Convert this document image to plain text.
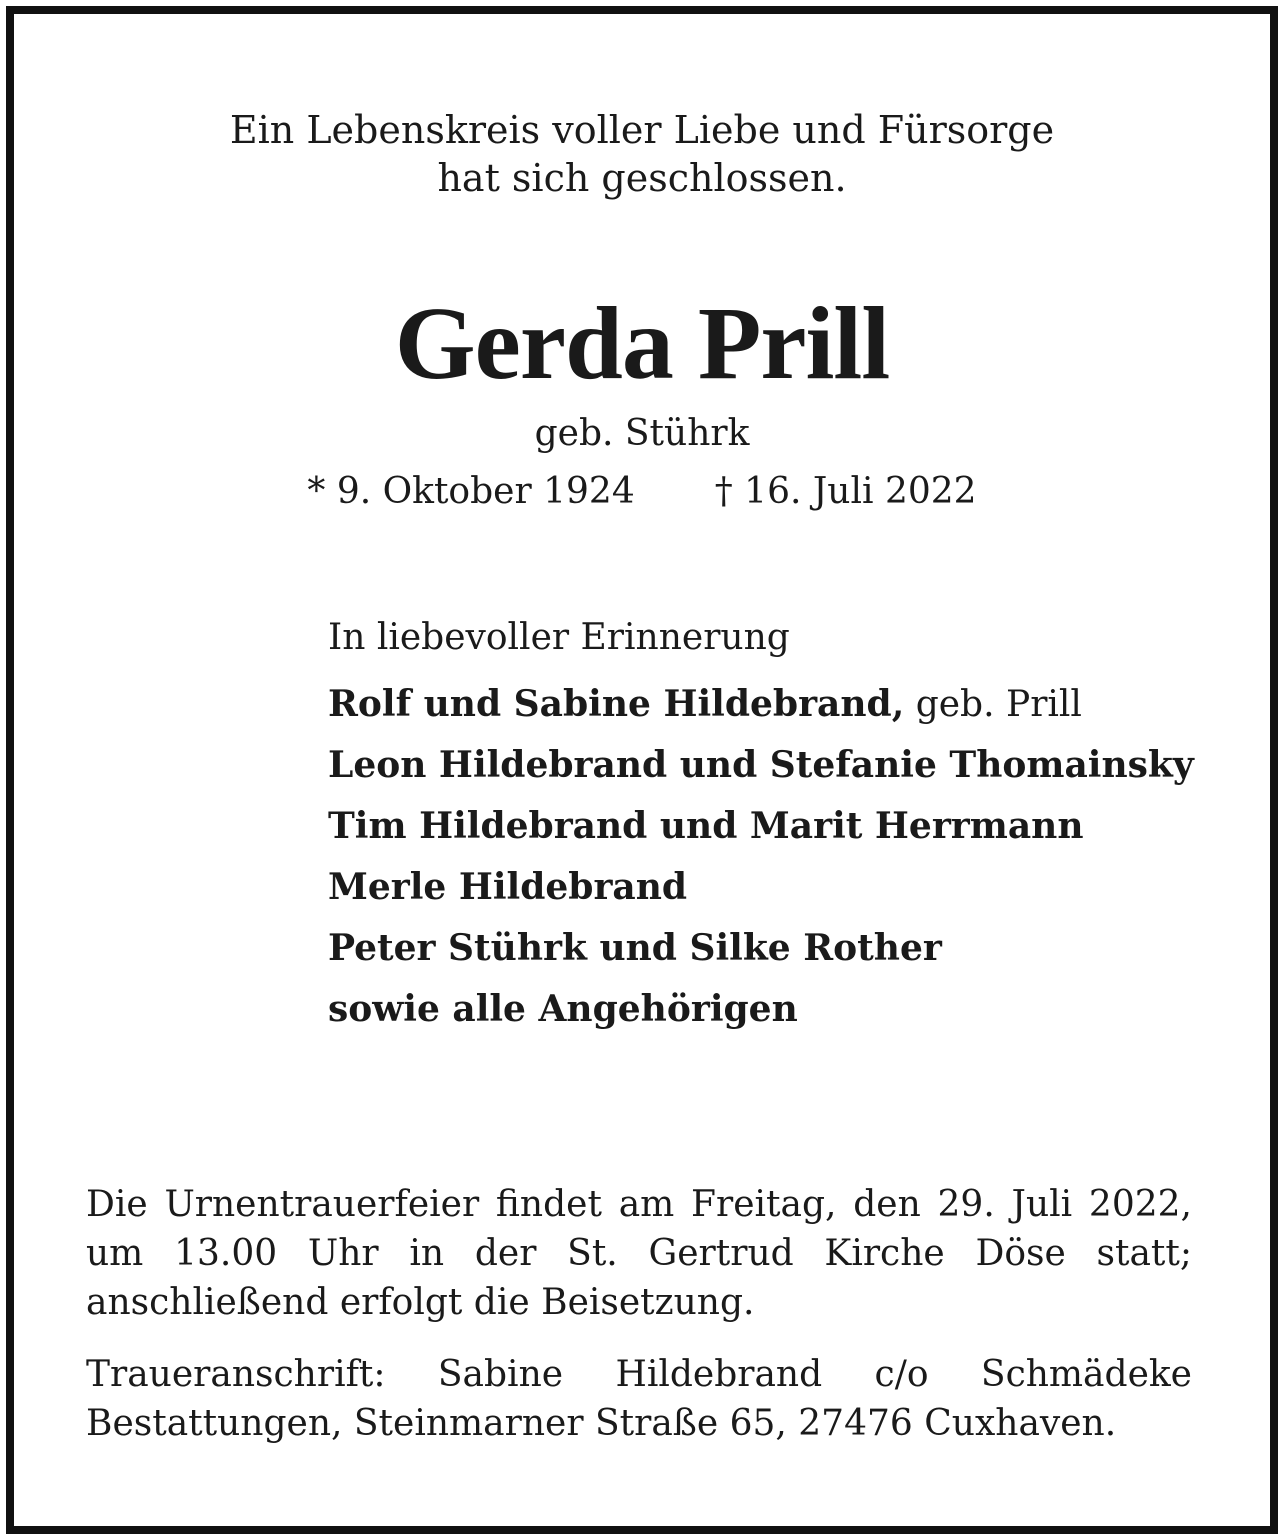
Ein Lebenskreis voller Liebe und Fürsorge
hat sich geschlossen.
Gerda Prill
geb. Stührk
* 9. Oktober 1924 † 16. Juli 2022
In liebevoller Erinnerung
Rolf und Sabine Hildebrand, geb. Prill
Leon Hildebrand und Stefanie Thomainsky
Tim Hildebrand und Marit Herrmann
Merle Hildebrand
Peter Stührk und Silke Rother
sowie alle Angehörigen
Die Urnentrauerfeier findet am Freitag, den 29. Juli 2022, um 13.00 Uhr in der St. Gertrud Kirche Döse statt; anschließend erfolgt die Beisetzung.
Traueranschrift: Sabine Hildebrand c/o Schmädeke Bestattungen, Steinmarner Straße 65, 27476 Cuxhaven.
